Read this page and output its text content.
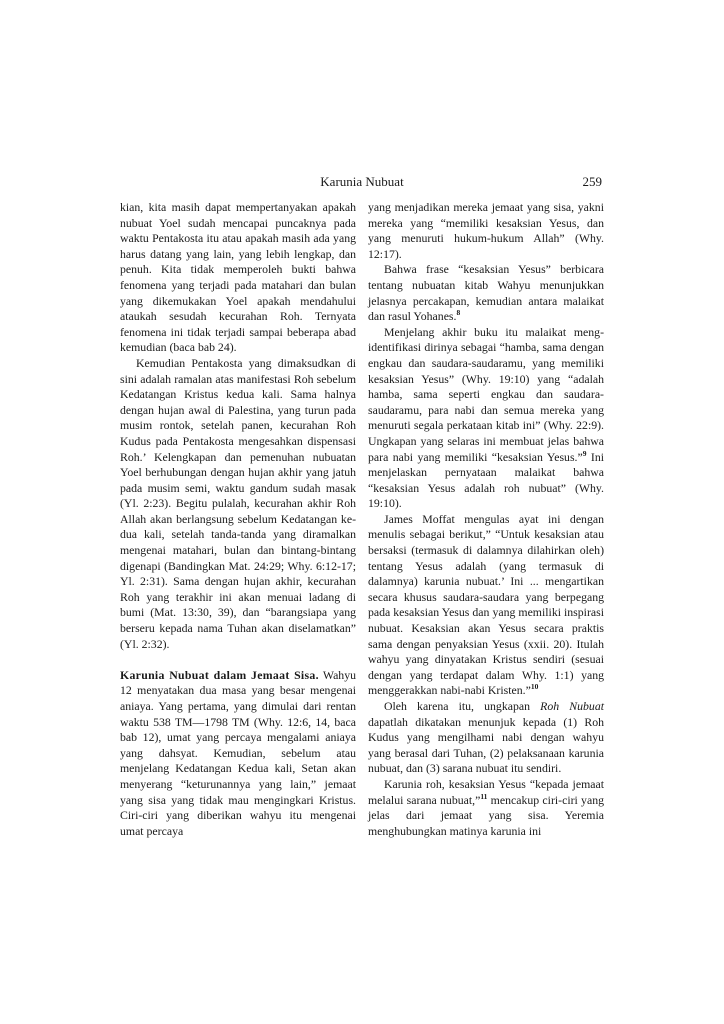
Karunia Nubuat	259

kian, kita masih dapat mempertanyakan apakah nubuat Yoel sudah mencapai puncaknya pada waktu Pentakosta itu atau apakah masih ada yang harus datang yang lain, yang lebih lengkap, dan penuh. Kita tidak memperoleh bukti bahwa fenomena yang terjadi pada matahari dan bulan yang dikemukakan Yoel apakah mendahului ataukah sesudah kecurahan Roh. Ternyata fenomena ini tidak terjadi sampai beberapa abad kemudian (baca bab 24).

Kemudian Pentakosta yang dimaksudkan di sini adalah ramalan atas manifestasi Roh sebelum Kedatangan Kristus kedua kali. Sama halnya dengan hujan awal di Palestina, yang turun pada musim rontok, setelah panen, kecurahan Roh Kudus pada Pentakosta mengesahkan dispensasi Roh.’ Kelengkapan dan pemenuhan nubuatan Yoel berhubungan dengan hujan akhir yang jatuh pada musim semi, waktu gandum sudah masak (Yl. 2:23). Begitu pulalah, kecurahan akhir Roh Allah akan berlangsung sebelum Kedatangan kedua kali, setelah tanda-tanda yang diramalkan mengenai matahari, bulan dan bintang-bintang digenapi (Bandingkan Mat. 24:29; Why. 6:12-17; Yl. 2:31). Sama dengan hujan akhir, kecurahan Roh yang terakhir ini akan menuai ladang di bumi (Mat. 13:30, 39), dan “barangsiapa yang berseru kepada nama Tuhan akan diselamatkan” (Yl. 2:32).

Karunia Nubuat dalam Jemaat Sisa. Wahyu 12 menyatakan dua masa yang besar mengenai aniaya. Yang pertama, yang dimulai dari rentan waktu 538 TM—1798 TM (Why. 12:6, 14, baca bab 12), umat yang percaya mengalami aniaya yang dahsyat. Kemudian, sebelum atau menjelang Kedatangan Kedua kali, Setan akan menyerang “keturunannya yang lain,” jemaat yang sisa yang tidak mau mengingkari Kristus. Ciri-ciri yang diberikan wahyu itu mengenai umat percaya

yang menjadikan mereka jemaat yang sisa, yakni mereka yang “memiliki kesaksian Yesus, dan yang menuruti hukum-hukum Allah” (Why. 12:17).

Bahwa frase “kesaksian Yesus” berbicara tentang nubuatan kitab Wahyu menunjukkan jelasnya percakapan, kemudian antara malaikat dan rasul Yohanes.$^8$

Menjelang akhir buku itu malaikat mengidentifikasi dirinya sebagai “hamba, sama dengan engkau dan saudara-saudaramu, yang memiliki kesaksian Yesus” (Why. 19:10) yang “adalah hamba, sama seperti engkau dan saudara-saudaramu, para nabi dan semua mereka yang menuruti segala perkataan kitab ini” (Why. 22:9). Ungkapan yang selaras ini membuat jelas bahwa para nabi yang memiliki “kesaksian Yesus.”$^9$ Ini menjelaskan pernyataan malaikat bahwa “kesaksian Yesus adalah roh nubuat” (Why. 19:10).

James Moffat mengulas ayat ini dengan menulis sebagai berikut,” “Untuk kesaksian atau bersaksi (termasuk di dalamnya dilahirkan oleh) tentang Yesus adalah (yang termasuk di dalamnya) karunia nubuat.’ Ini ... mengartikan secara khusus saudara-saudara yang berpegang pada kesaksian Yesus dan yang memiliki inspirasi nubuat. Kesaksian akan Yesus secara praktis sama dengan penyaksian Yesus (xxii. 20). Itulah wahyu yang dinyatakan Kristus sendiri (sesuai dengan yang terdapat dalam Why. 1:1) yang menggerakkan nabi-nabi Kristen.”$^{10}$

Oleh karena itu, ungkapan Roh Nubuat dapatlah dikatakan menunjuk kepada (1) Roh Kudus yang mengilhami nabi dengan wahyu yang berasal dari Tuhan, (2) pelaksanaan karunia nubuat, dan (3) sarana nubuat itu sendiri.

Karunia roh, kesaksian Yesus “kepada jemaat melalui sarana nubuat,”$^{11}$ mencakup ciri-ciri yang jelas dari jemaat yang sisa. Yeremia menghubungkan matinya karunia ini
